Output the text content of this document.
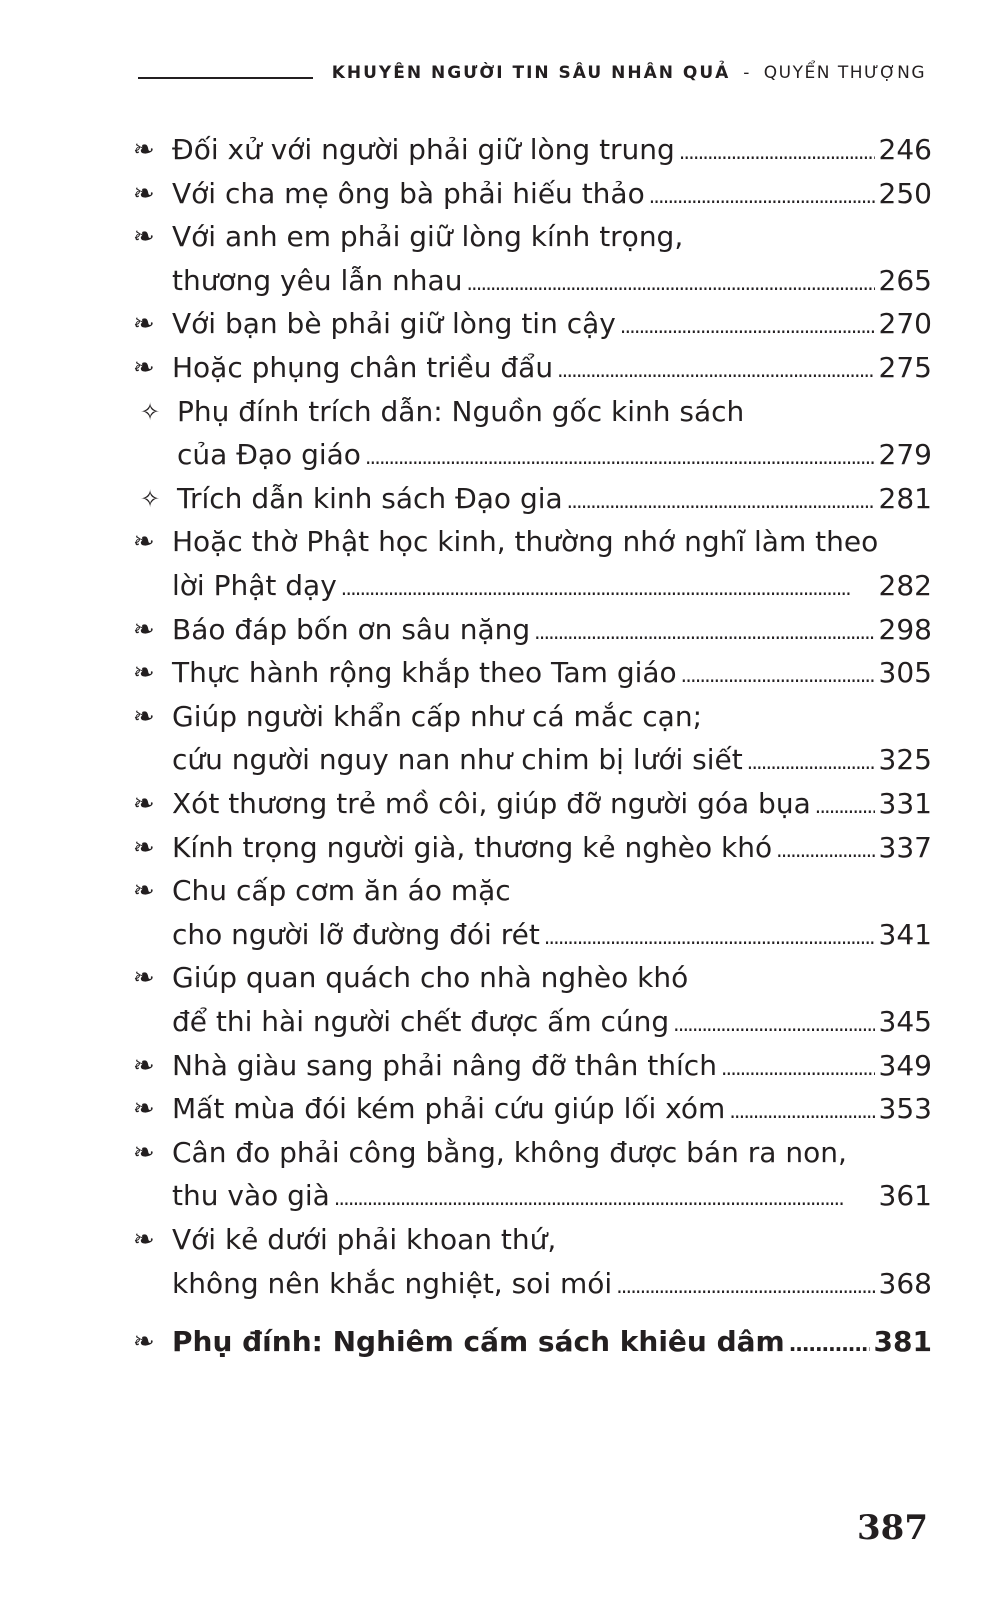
KHUYÊN NGƯỜI TIN SÂU NHÂN QUẢ - QUYỂN THƯỢNG
❧ Đối xử với người phải giữ lòng trung . . .	246
❧ Với cha mẹ ông bà phải hiếu thảo . . .	250
❧ Với anh em phải giữ lòng kính trọng,
thương yêu lẫn nhau . . .	265
❧ Với bạn bè phải giữ lòng tin cậy . . .	270
❧ Hoặc phụng chân triều đẩu . . .	275
✧ Phụ đính trích dẫn: Nguồn gốc kinh sách
của Đạo giáo . . .	279
✧ Trích dẫn kinh sách Đạo gia . . .	281
❧ Hoặc thờ Phật học kinh, thường nhớ nghĩ làm theo
lời Phật dạy . . .	282
❧ Báo đáp bốn ơn sâu nặng . . .	298
❧ Thực hành rộng khắp theo Tam giáo . . .	305
❧ Giúp người khẩn cấp như cá mắc cạn;
cứu người nguy nan như chim bị lưới siết . . .	325
❧ Xót thương trẻ mồ côi, giúp đỡ người góa bụa . . . 331
❧ Kính trọng người già, thương kẻ nghèo khó . . .	337
❧ Chu cấp cơm ăn áo mặc
cho người lỡ đường đói rét . . .	341
❧ Giúp quan quách cho nhà nghèo khó
để thi hài người chết được ấm cúng . . .	345
❧ Nhà giàu sang phải nâng đỡ thân thích . . .	349
❧ Mất mùa đói kém phải cứu giúp lối xóm . . .	353
❧ Cân đo phải công bằng, không được bán ra non,
thu vào già . . .	361
❧ Với kẻ dưới phải khoan thứ,
không nên khắc nghiệt, soi mói . . .	368
❧ Phụ đính: Nghiêm cấm sách khiêu dâm . . .	381
387
